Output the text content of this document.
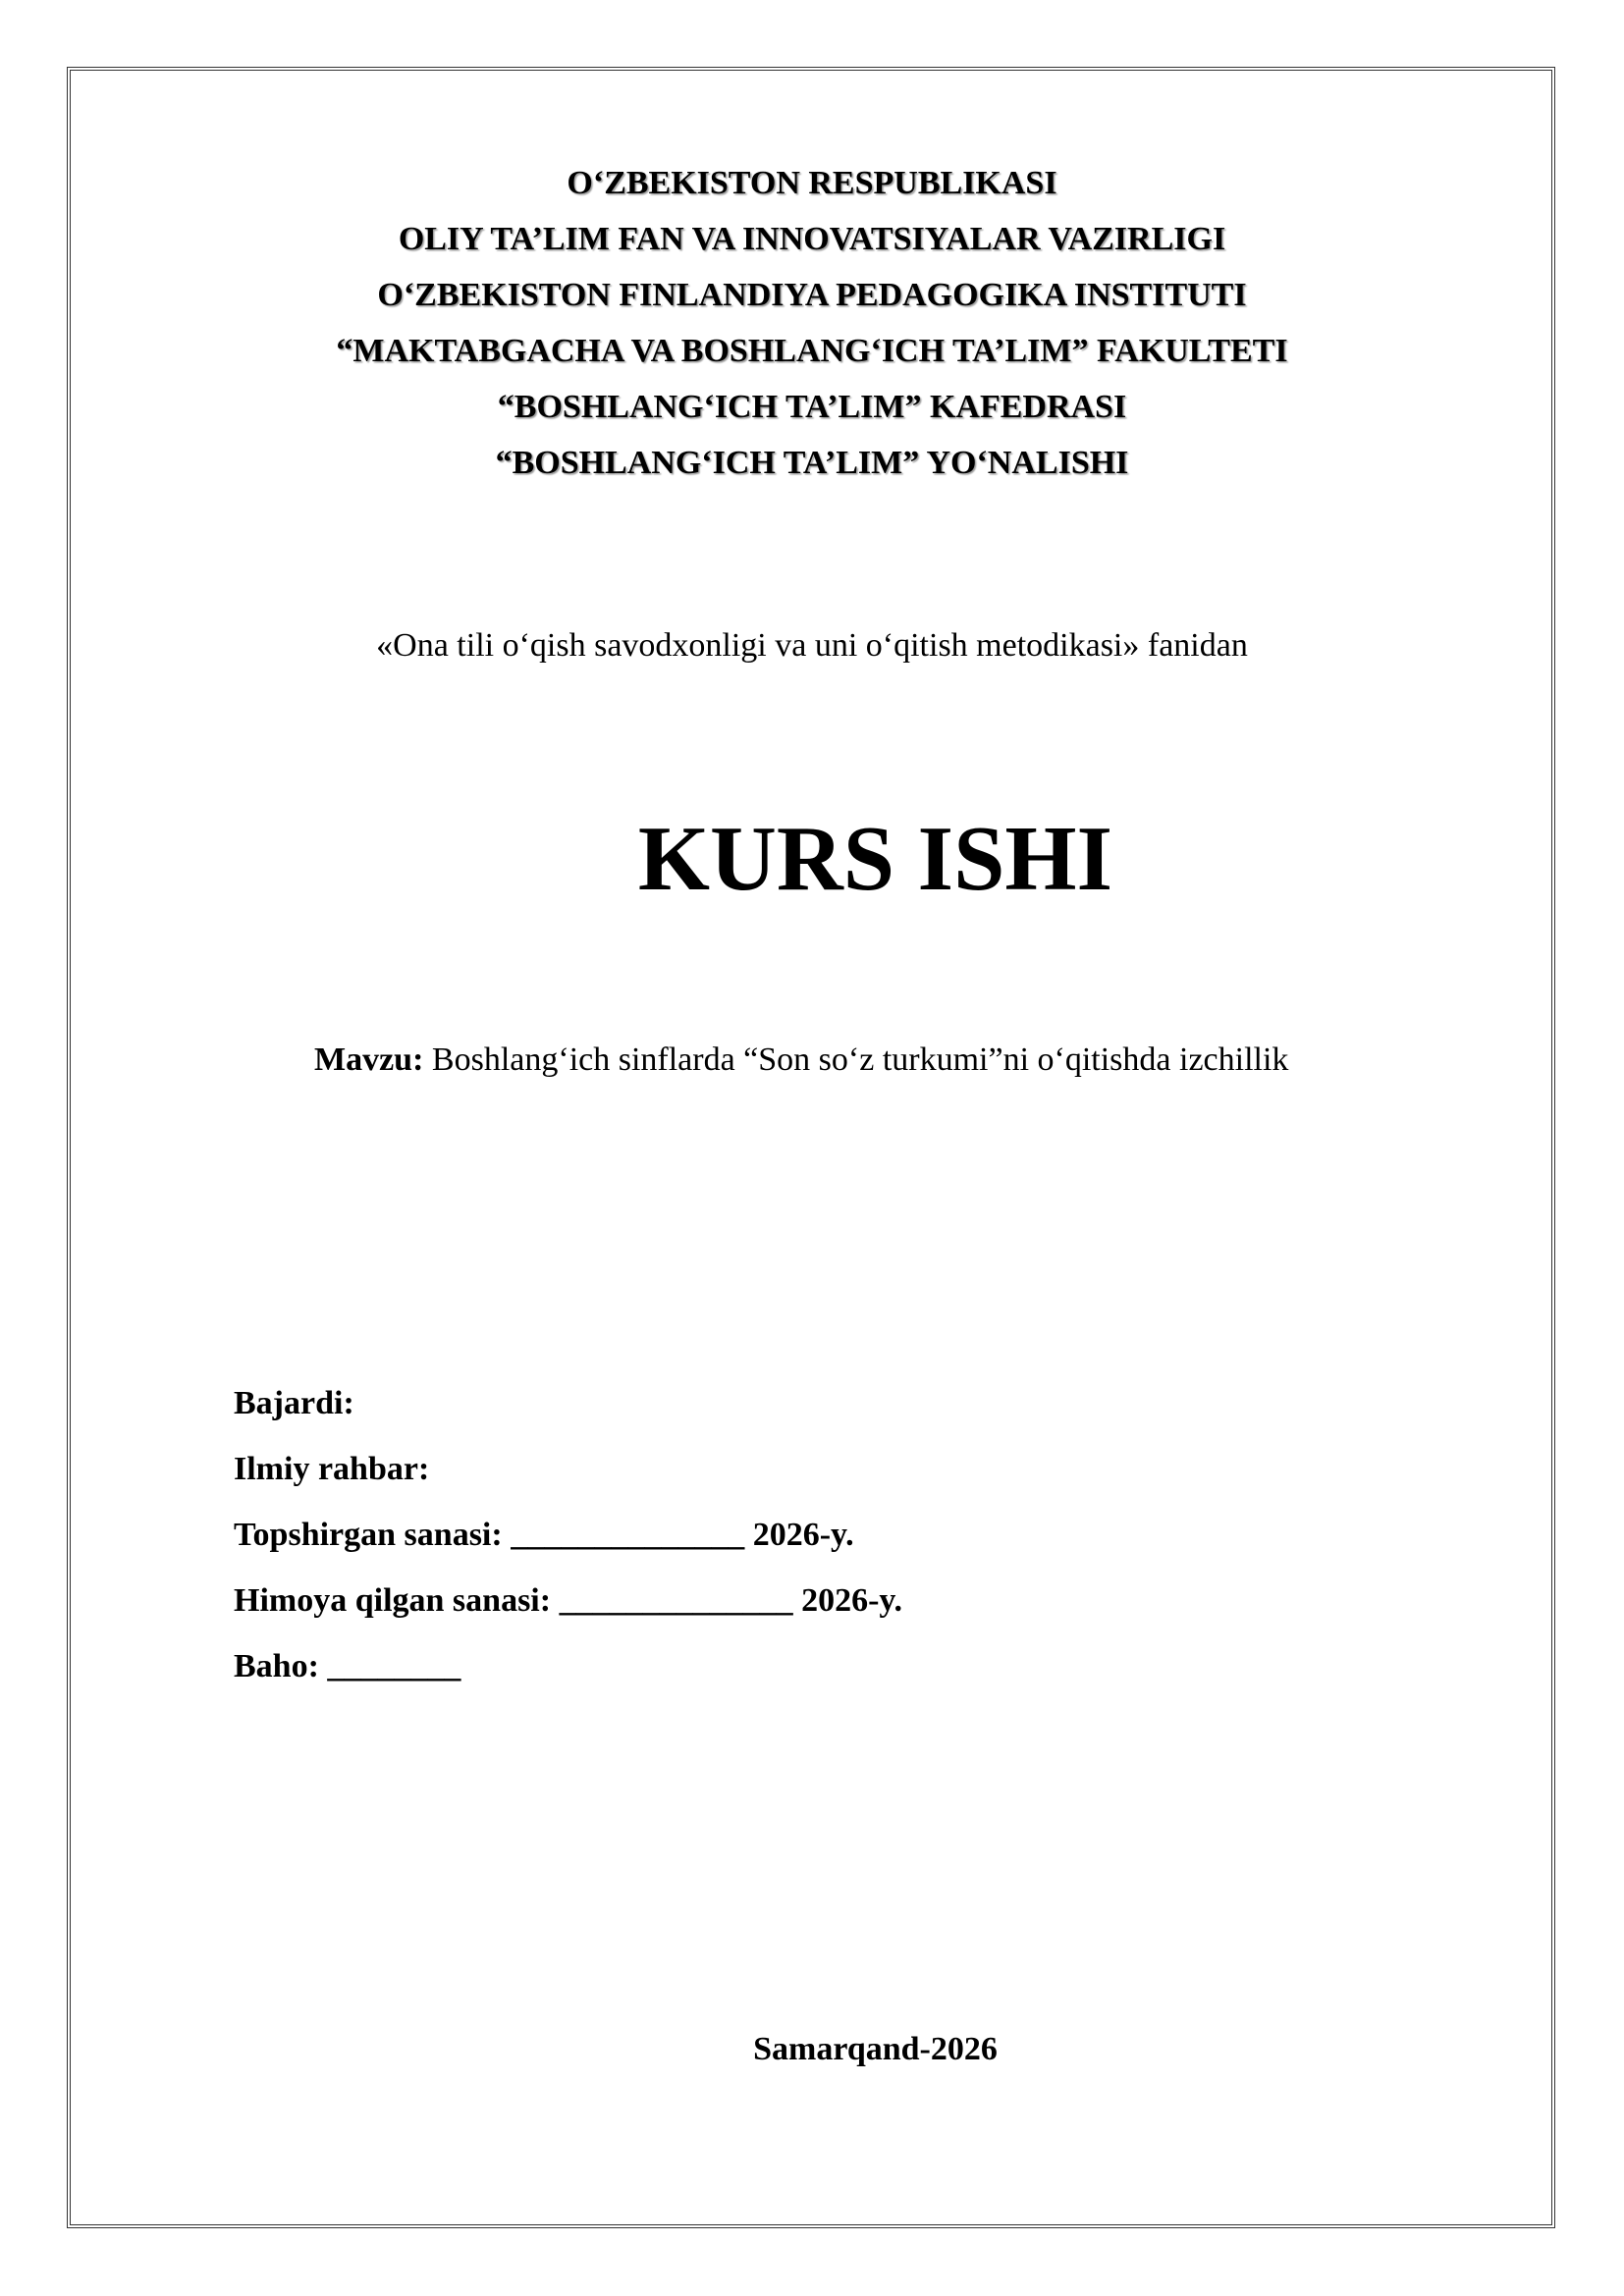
O‘ZBEKISTON RESPUBLIKASI
OLIY TA’LIM FAN VA INNOVATSIYALAR VAZIRLIGI
O‘ZBEKISTON FINLANDIYA PEDAGOGIKA INSTITUTI
“MAKTABGACHA VA BOSHLANG‘ICH TA’LIM” FAKULTETI
“BOSHLANG‘ICH TA’LIM” KAFEDRASI
“BOSHLANG‘ICH TA’LIM” YO‘NALISHI
«Ona tili o‘qish savodxonligi va uni o‘qitish metodikasi» fanidan
KURS ISHI
Mavzu: Boshlang‘ich sinflarda “Son so‘z turkumi”ni o‘qitishda izchillik
Bajardi:
Ilmiy rahbar:
Topshirgan sanasi: ______________ 2026-y.
Himoya qilgan sanasi: ______________ 2026-y.
Baho: ________
Samarqand-2026
